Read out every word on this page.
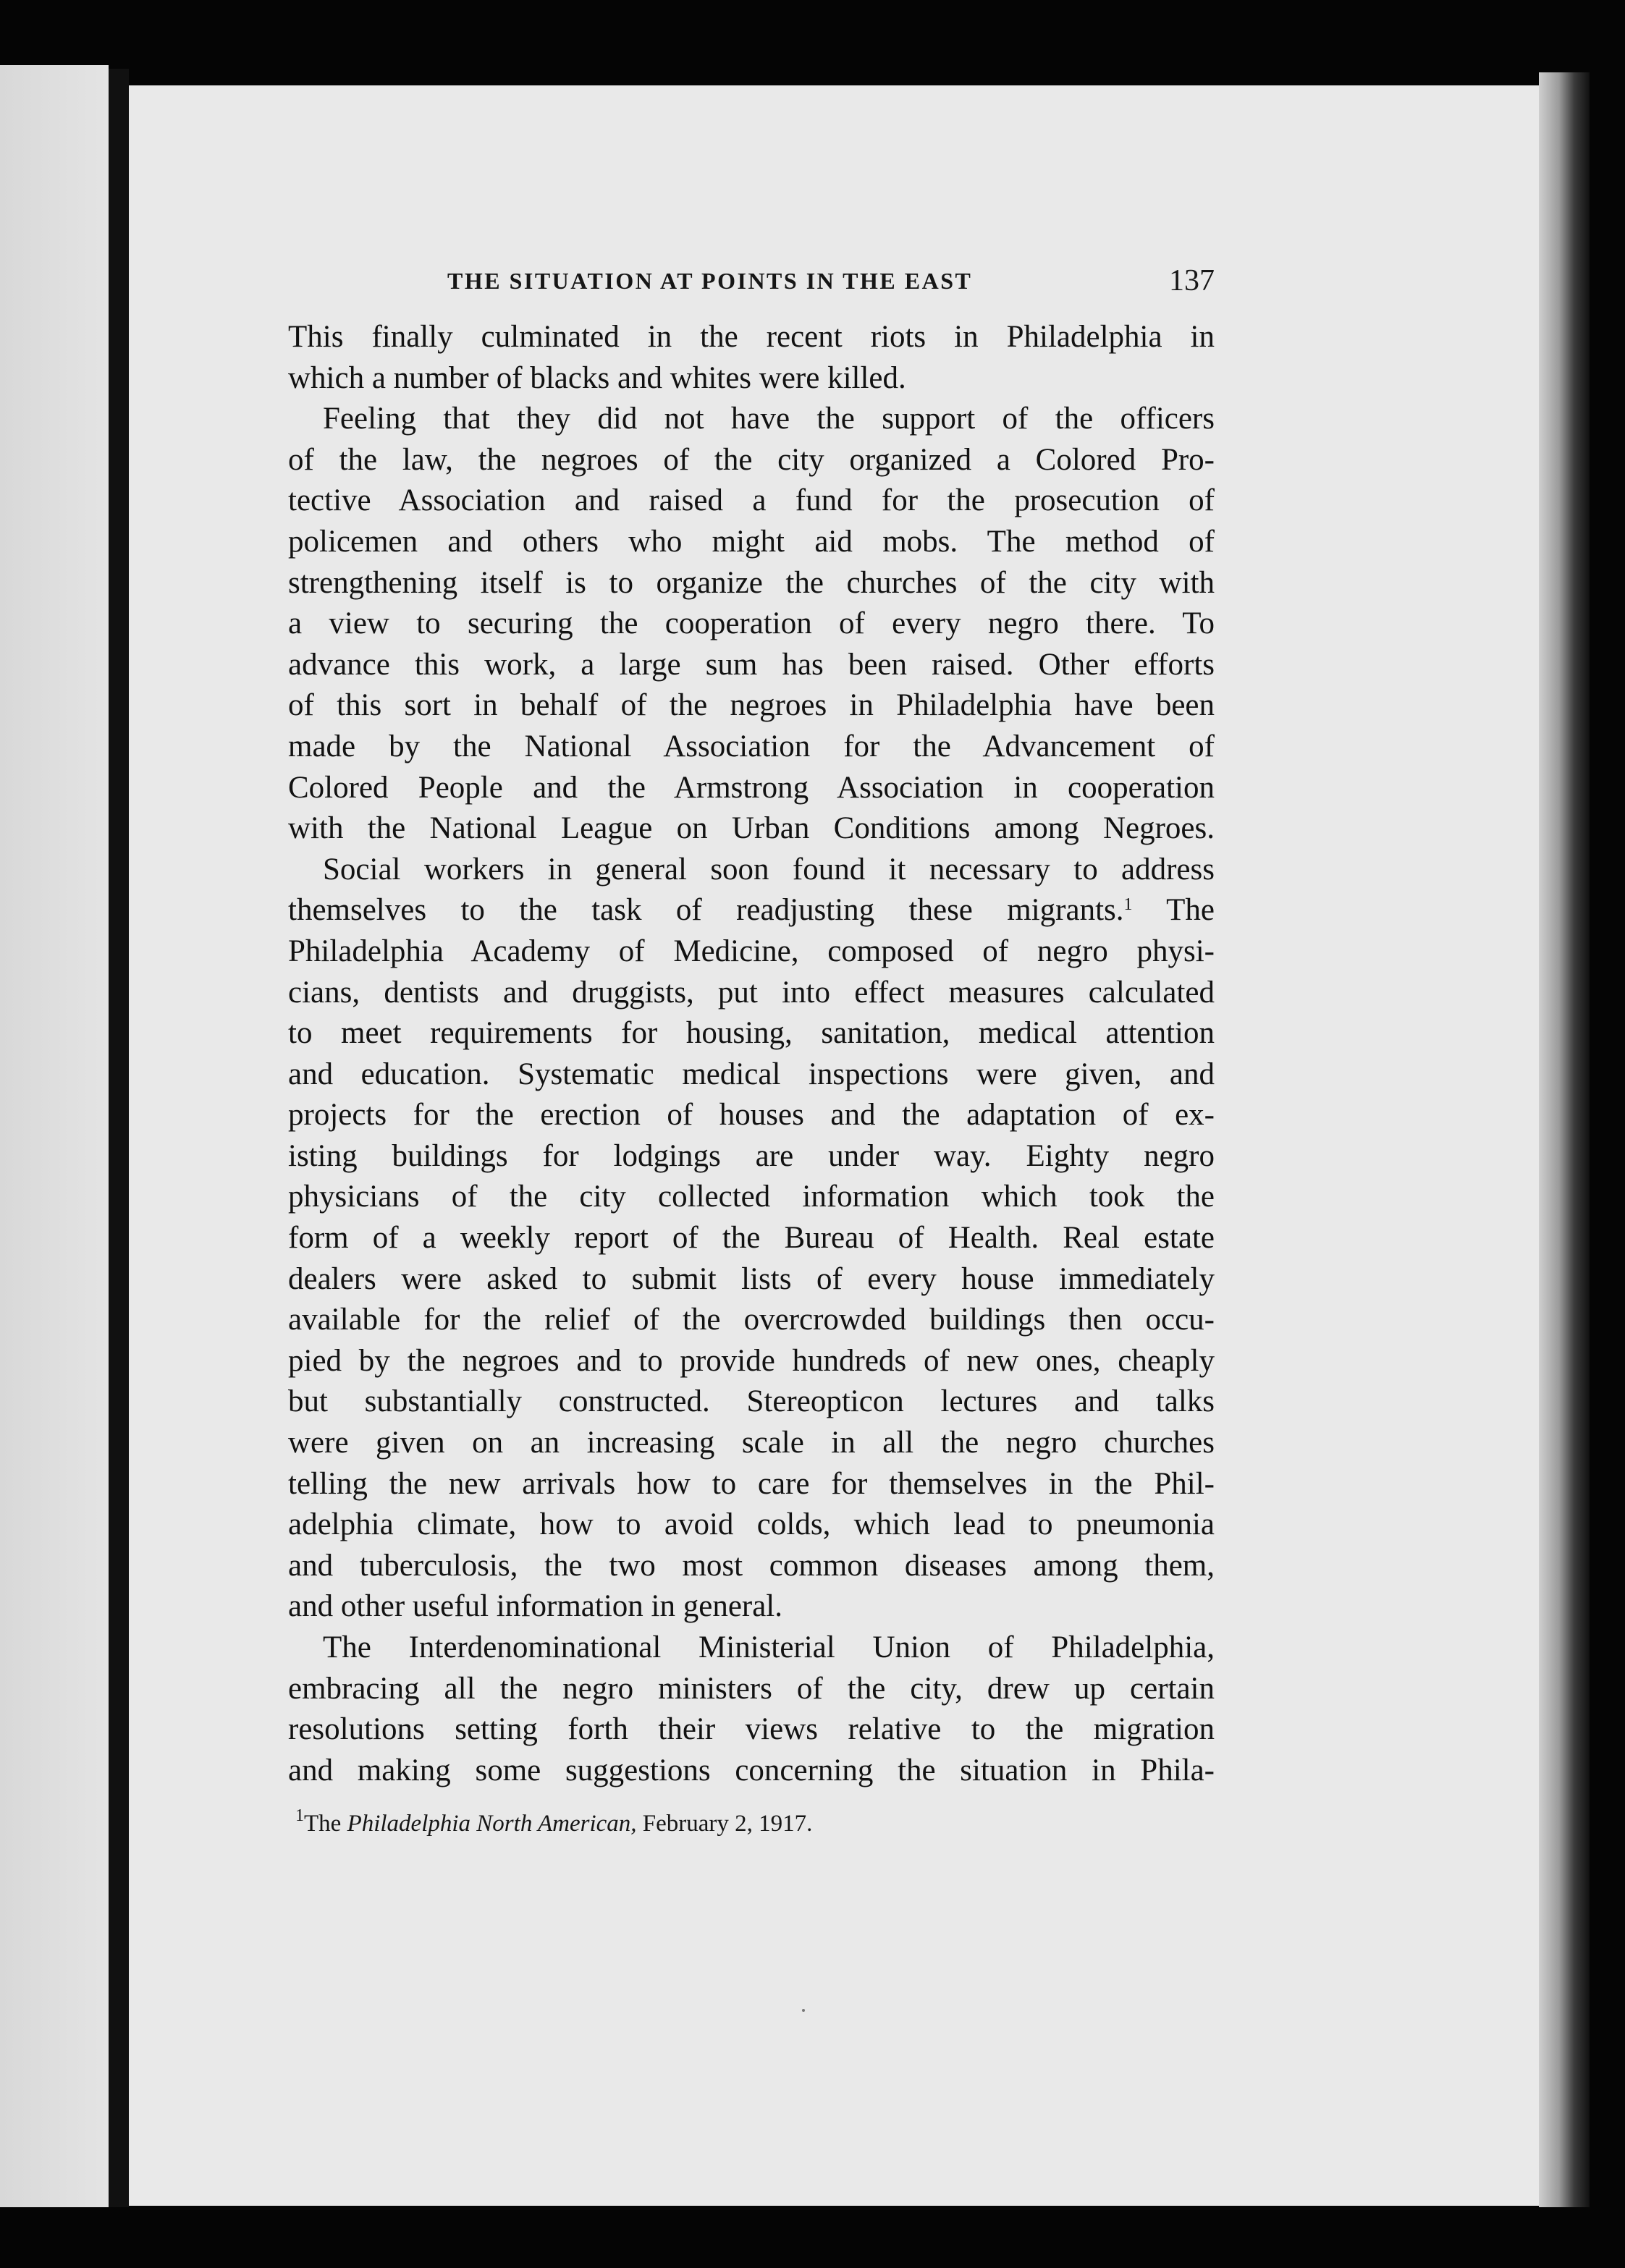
THE SITUATION AT POINTS IN THE EAST	137
This finally culminated in the recent riots in Philadelphia in
which a number of blacks and whites were killed.
Feeling that they did not have the support of the officers
of the law, the negroes of the city organized a Colored Pro-
tective Association and raised a fund for the prosecution of
policemen and others who might aid mobs. The method of
strengthening itself is to organize the churches of the city with
a view to securing the cooperation of every negro there. To
advance this work, a large sum has been raised. Other efforts
of this sort in behalf of the negroes in Philadelphia have been
made by the National Association for the Advancement of
Colored People and the Armstrong Association in cooperation
with the National League on Urban Conditions among Negroes.
Social workers in general soon found it necessary to address
themselves to the task of readjusting these migrants.$^1$ The
Philadelphia Academy of Medicine, composed of negro physi-
cians, dentists and druggists, put into effect measures calculated
to meet requirements for housing, sanitation, medical attention
and education. Systematic medical inspections were given, and
projects for the erection of houses and the adaptation of ex-
isting buildings for lodgings are under way. Eighty negro
physicians of the city collected information which took the
form of a weekly report of the Bureau of Health. Real estate
dealers were asked to submit lists of every house immediately
available for the relief of the overcrowded buildings then occu-
pied by the negroes and to provide hundreds of new ones, cheaply
but substantially constructed. Stereopticon lectures and talks
were given on an increasing scale in all the negro churches
telling the new arrivals how to care for themselves in the Phil-
adelphia climate, how to avoid colds, which lead to pneumonia
and tuberculosis, the two most common diseases among them,
and other useful information in general.
The Interdenominational Ministerial Union of Philadelphia,
embracing all the negro ministers of the city, drew up certain
resolutions setting forth their views relative to the migration
and making some suggestions concerning the situation in Phila-
$^1$The Philadelphia North American, February 2, 1917.
